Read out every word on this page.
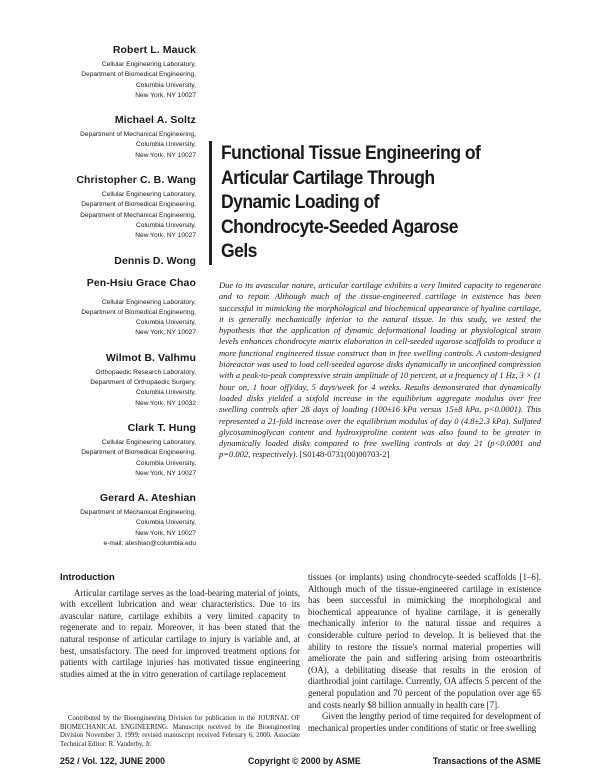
Robert L. Mauck
Cellular Engineering Laboratory,
Department of Biomedical Engineering,
Columbia University,
New York, NY 10027
Michael A. Soltz
Department of Mechanical Engineering,
Columbia University,
New York, NY 10027
Christopher C. B. Wang
Cellular Engineering Laboratory,
Department of Biomedical Engineering,
Department of Mechanical Engineering,
Columbia University,
New York, NY 10027
Dennis D. Wong
Pen-Hsiu Grace Chao
Cellular Engineering Laboratory,
Department of Biomedical Engineering,
Columbia University,
New York, NY 10027
Wilmot B. Valhmu
Orthopaedic Research Laboratory,
Department of Orthopaedic Surgery,
Columbia University,
New York, NY 10032
Clark T. Hung
Cellular Engineering Laboratory,
Department of Biomedical Engineering,
Columbia University,
New York, NY 10027
Gerard A. Ateshian
Department of Mechanical Engineering,
Columbia University,
New York, NY 10027
e-mail: ateshian@columbia.edu
Functional Tissue Engineering of
Articular Cartilage Through
Dynamic Loading of
Chondrocyte-Seeded Agarose
Gels
Due to its avascular nature, articular cartilage exhibits a very limited capacity to regenerate and to repair. Although much of the tissue-engineered cartilage in existence has been successful in mimicking the morphological and biochemical appearance of hyaline cartilage, it is generally mechanically inferior to the natural tissue. In this study, we tested the hypothesis that the application of dynamic deformational loading at physiological strain levels enhances chondrocyte matrix elaboration in cell-seeded agarose scaffolds to produce a more functional engineered tissue construct than in free swelling controls. A custom-designed bioreactor was used to load cell-seeded agarose disks dynamically in unconfined compression with a peak-to-peak compressive strain amplitude of 10 percent, at a frequency of 1 Hz, 3 × (1 hour on, 1 hour off)/day, 5 days/week for 4 weeks. Results demonstrated that dynamically loaded disks yielded a sixfold increase in the equilibrium aggregate modulus over free swelling controls after 28 days of loading (100±16 kPa versus 15±8 kPa, p<0.0001). This represented a 21-fold increase over the equilibrium modulus of day 0 (4.8±2.3 kPa). Sulfated glycosaminoglycan content and hydroxyproline content was also found to be greater in dynamically loaded disks compared to free swelling controls at day 21 (p<0.0001 and p=0.002, respectively). [S0148-0731(00)00703-2]
Introduction

Articular cartilage serves as the load-bearing material of joints, with excellent lubrication and wear characteristics. Due to its avascular nature, cartilage exhibits a very limited capacity to regenerate and to repair. Moreover, it has been stated that the natural response of articular cartilage to injury is variable and, at best, unsatisfactory. The need for improved treatment options for patients with cartilage injuries has motivated tissue engineering studies aimed at the in vitro generation of cartilage replacement

tissues (or implants) using chondrocyte-seeded scaffolds [1–6]. Although much of the tissue-engineered cartilage in existence has been successful in mimicking the morphological and biochemical appearance of hyaline cartilage, it is generally mechanically inferior to the natural tissue and requires a considerable culture period to develop. It is believed that the ability to restore the tissue's normal material properties will ameliorate the pain and suffering arising from osteoarthritis (OA), a debilitating disease that results in the erosion of diarthrodial joint cartilage. Currently, OA affects 5 percent of the general population and 70 percent of the population over age 65 and costs nearly $8 billion annually in health care [7].

Given the lengthy period of time required for development of mechanical properties under conditions of static or free swelling

Contributed by the Bioengineering Division for publication in the JOURNAL OF BIOMECHANICAL ENGINEERING. Manuscript received by the Bioengineering Division November 3, 1999; revised manuscript received February 6, 2000. Associate Technical Editor: R. Vanderby, Jr.

252 / Vol. 122, JUNE 2000	Copyright © 2000 by ASME	Transactions of the ASME
